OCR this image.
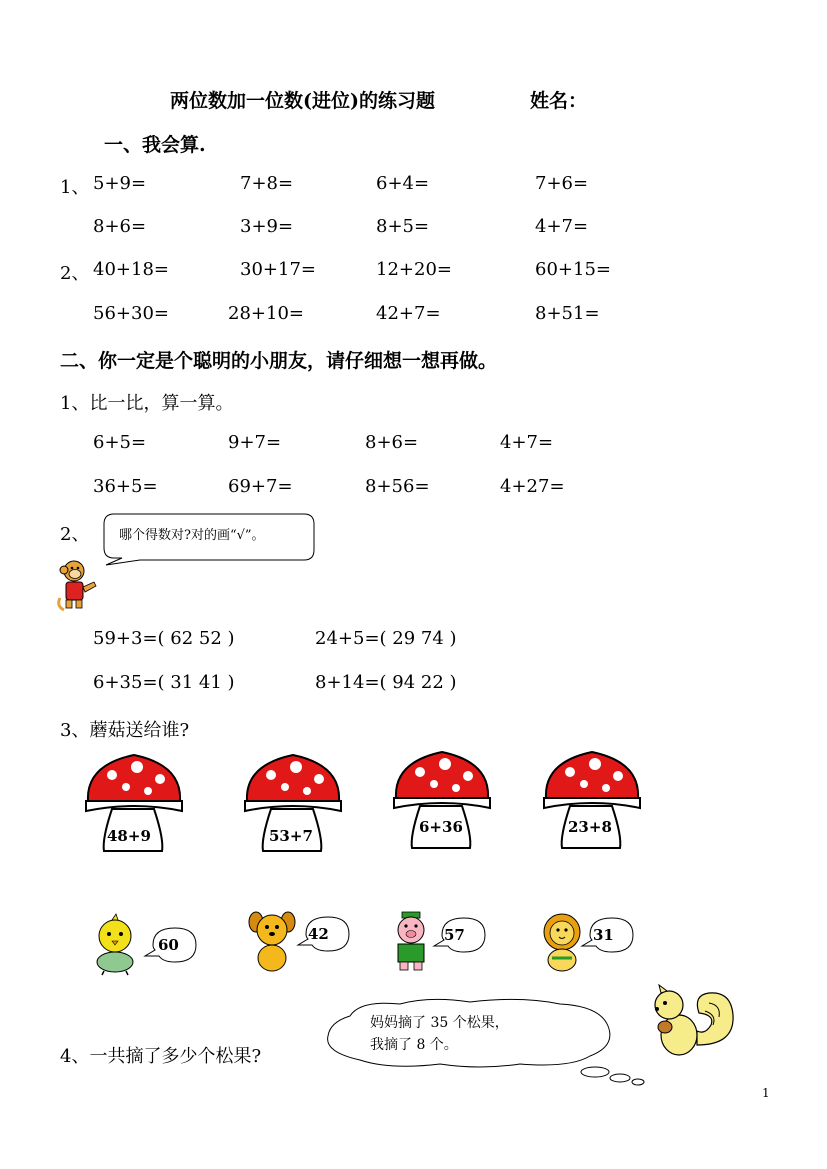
两位数加一位数(进位)的练习题	姓名：
一、我会算.
1、 5+9=	7+8=	6+4=	7+6=
8+6=	3+9=	8+5=	4+7=
2、 40+18=	30+17=	12+20=	60+15=
56+30=	28+10=	42+7=	8+51=
二、你一定是个聪明的小朋友，请仔细想一想再做。
1、比一比，算一算。
6+5=	9+7=	8+6=	4+7=
36+5=	69+7=	8+56=	4+27=
2、 哪个得数对?对的画“√”。
59+3=( 62 52 )	24+5=( 29 74 )
6+35=( 31 41 )	8+14=( 94 22 )
3、蘑菇送给谁?
48+9	53+7	6+36	23+8
60
42	57	31
4、一共摘了多少个松果?
妈妈摘了 35 个松果，
我摘了 8 个。
1
